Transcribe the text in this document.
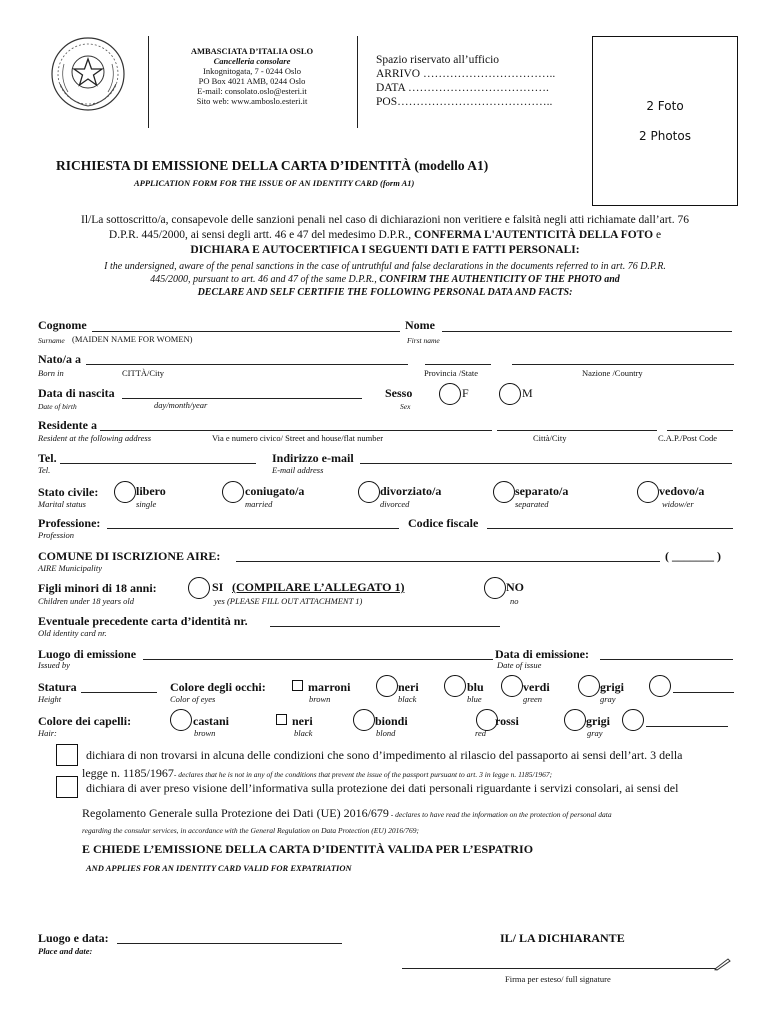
AMBASCIATA D’ITALIA OSLO
Cancelleria consolare
Inkognitogata, 7 - 0244 Oslo
PO Box 4021 AMB, 0244 Oslo
E-mail: consolato.oslo@esteri.it
Sito web: www.amboslo.esteri.it
Spazio riservato all’ufficio
ARRIVO ……………………………..
DATA ……………………………….
POS…………………………………..	2 Foto
2 Photos
RICHIESTA DI EMISSIONE DELLA CARTA D’IDENTITÀ (modello A1)
APPLICATION FORM FOR THE ISSUE OF AN IDENTITY CARD (form A1)
Il/La sottoscritto/a, consapevole delle sanzioni penali nel caso di dichiarazioni non veritiere e falsità negli atti richiamate dall’art. 76
D.P.R. 445/2000, ai sensi degli artt. 46 e 47 del medesimo D.P.R., CONFERMA L'AUTENTICITÀ DELLA FOTO e
DICHIARA E AUTOCERTIFICA I SEGUENTI DATI E FATTI PERSONALI:
I the undersigned, aware of the penal sanctions in the case of untruthful and false declarations in the documents referred to in art. 76 D.P.R.
445/2000, pursuant to art. 46 and 47 of the same D.P.R., CONFIRM THE AUTHENTICITY OF THE PHOTO and
DECLARE AND SELF CERTIFIE THE FOLLOWING PERSONAL DATA AND FACTS:
Cognome	Nome
Surname (MAIDEN NAME FOR WOMEN)	First name
Nato/a a
Born in	CITTÀ/City	Provincia /State	Nazione /Country
Data di nascita
Date of birth	day/month/year
Sesso
Sex
F	M
Residente a
Resident at the following address	Via e numero civico/ Street and house/flat number	Città/City	C.A.P./Post Code
Tel.
Tel.
Indirizzo e-mail
E-mail address
Stato civile:
Marital status
libero
single
coniugato/a
married
divorziato/a
divorced
separato/a
separated
vedovo/a
widow/er
Professione:
Profession
Codice fiscale
COMUNE DI ISCRIZIONE AIRE:	( _______ )
AIRE Municipality
Figli minori di 18 anni:
Children under 18 years old
SI (COMPILARE L’ALLEGATO 1)
yes (PLEASE FILL OUT ATTACHMENT 1)
NO
no
Eventuale precedente carta d’identità nr.
Old identity card nr.
Luogo di emissione
Issued by
Data di emissione:
Date of issue
Statura
Height
Colore degli occhi:
Color of eyes
marroni
brown
neri
black
blu
blue
verdi
green
grigi
gray
Colore dei capelli:
Hair:
castani
brown
neri
black
biondi
blond
rossi
red
grigi
gray
dichiara di non trovarsi in alcuna delle condizioni che sono d’impedimento al rilascio del passaporto ai sensi dell’art. 3 della
legge n. 1185/1967- declares that he is not in any of the conditions that prevent the issue of the passport pursuant to art. 3 in legge n. 1185/1967;
dichiara di aver preso visione dell’informativa sulla protezione dei dati personali riguardante i servizi consolari, ai sensi del
Regolamento Generale sulla Protezione dei Dati (UE) 2016/679 - declares to have read the information on the protection of personal data
regarding the consular services, in accordance with the General Regulation on Data Protection (EU) 2016/769;
E CHIEDE L’EMISSIONE DELLA CARTA D’IDENTITÀ VALIDA PER L’ESPATRIO
AND APPLIES FOR AN IDENTITY CARD VALID FOR EXPATRIATION
Luogo e data:
Place and date:
IL/ LA DICHIARANTE
Firma per esteso/ full signature
